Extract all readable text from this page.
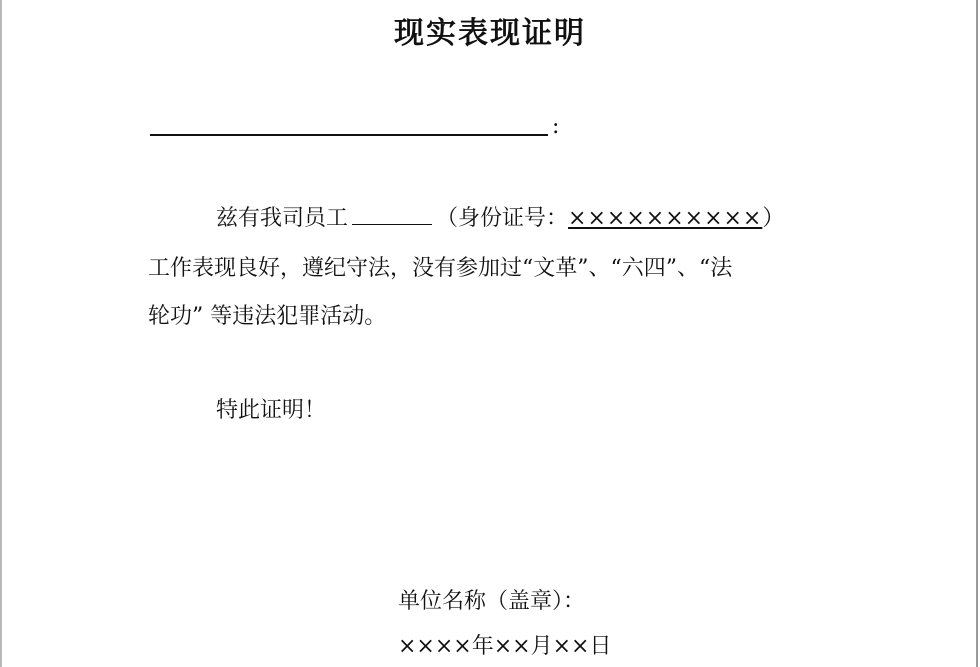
现实表现证明
:
兹有我司员工	（身份证号：××××××××××）
工作表现良好，遵纪守法，没有参加过“文革”、“六四”、“法
轮功” 等违法犯罪活动。
特此证明！
单位名称（盖章）：
××××年××月××日
